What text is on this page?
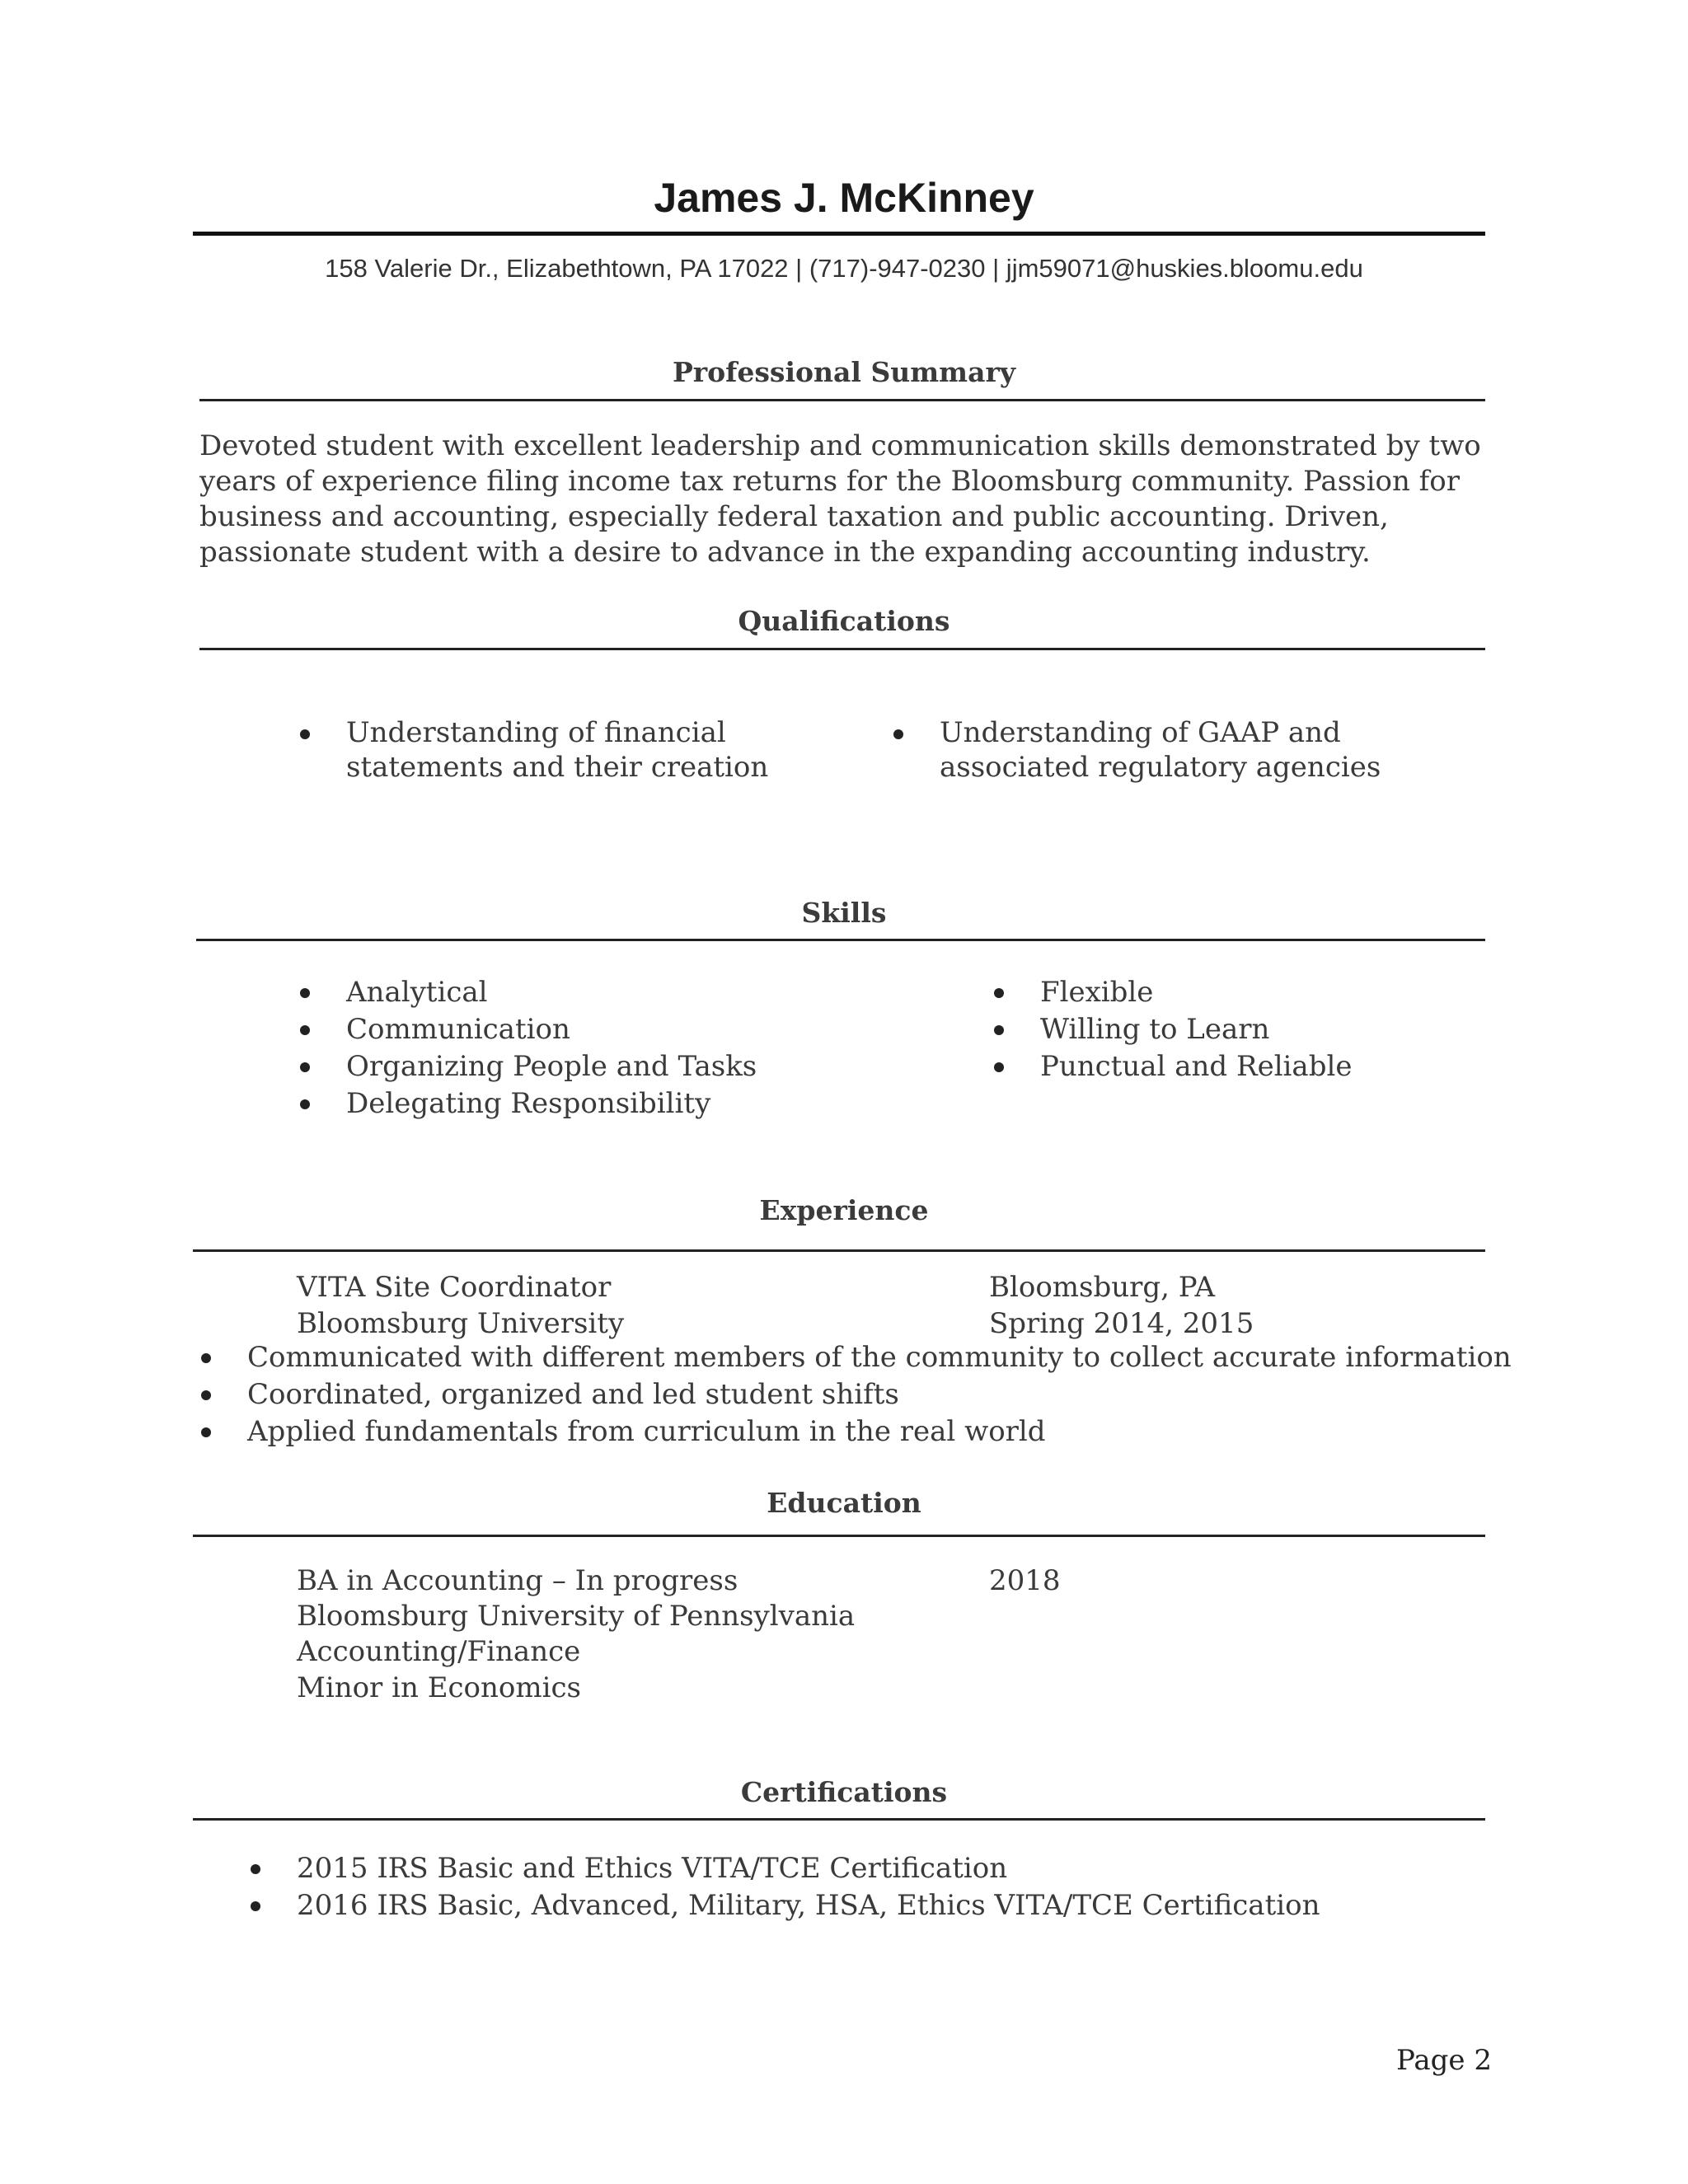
James J. McKinney
158 Valerie Dr., Elizabethtown, PA 17022 | (717)-947-0230 | jjm59071@huskies.bloomu.edu
Professional Summary
Devoted student with excellent leadership and communication skills demonstrated by two years of experience filing income tax returns for the Bloomsburg community. Passion for business and accounting, especially federal taxation and public accounting. Driven, passionate student with a desire to advance in the expanding accounting industry.
Qualifications
Understanding of financial statements and their creation
Understanding of GAAP and associated regulatory agencies
Skills
Analytical
Communication
Organizing People and Tasks
Delegating Responsibility
Flexible
Willing to Learn
Punctual and Reliable
Experience
VITA Site Coordinator	Bloomsburg, PA
Bloomsburg University	Spring 2014, 2015
Communicated with different members of the community to collect accurate information
Coordinated, organized and led student shifts
Applied fundamentals from curriculum in the real world
Education
BA in Accounting – In progress	2018
Bloomsburg University of Pennsylvania
Accounting/Finance
Minor in Economics
Certifications
2015 IRS Basic and Ethics VITA/TCE Certification
2016 IRS Basic, Advanced, Military, HSA, Ethics VITA/TCE Certification
Page 2
